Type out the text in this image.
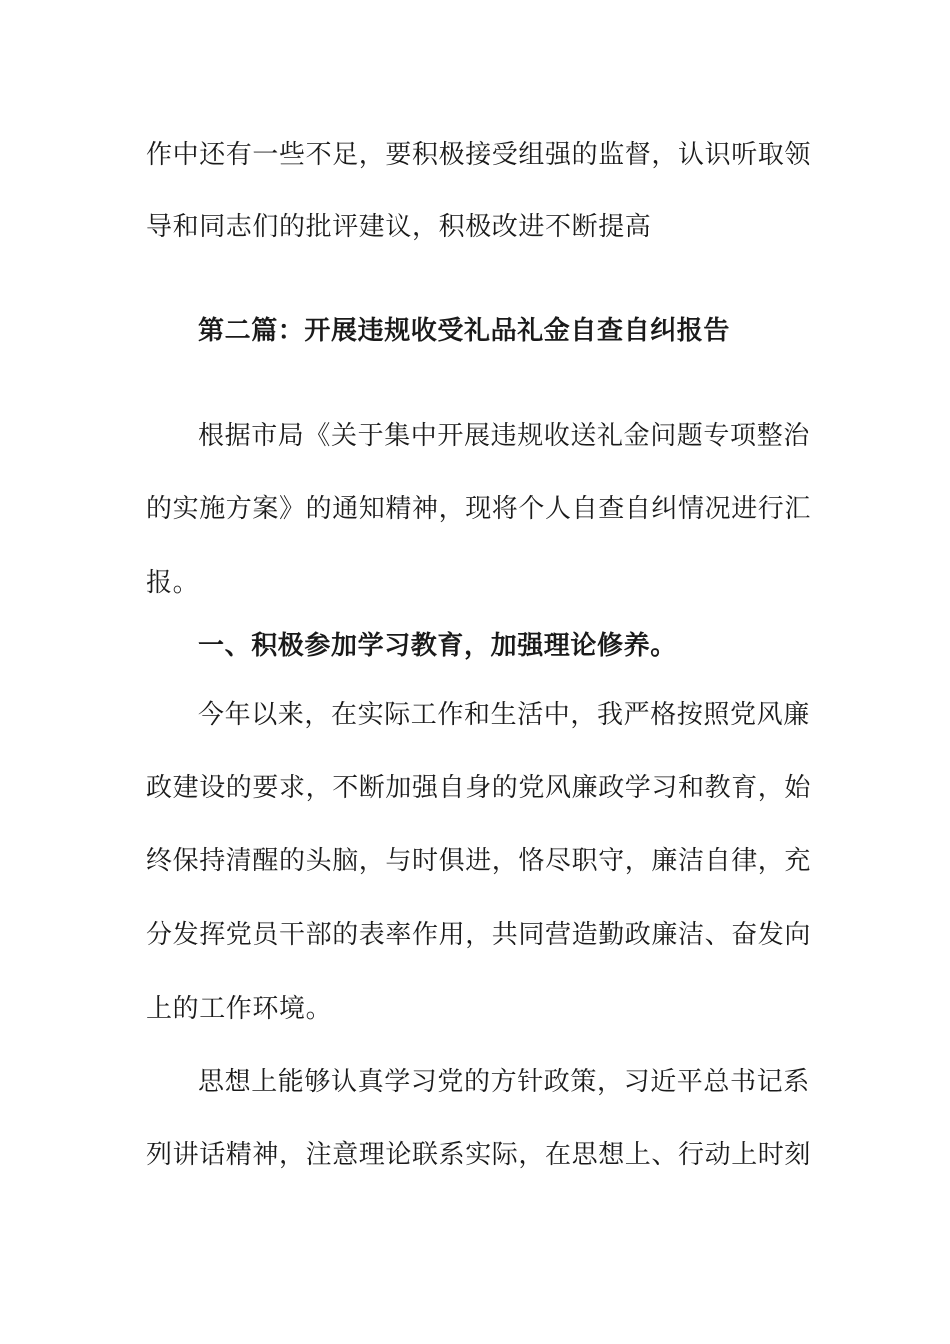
作中还有一些不足，要积极接受组强的监督，认识听取领
导和同志们的批评建议，积极改进不断提高
第二篇：开展违规收受礼品礼金自查自纠报告
根据市局《关于集中开展违规收送礼金问题专项整治
的实施方案》的通知精神，现将个人自查自纠情况进行汇
报。
一、积极参加学习教育，加强理论修养。
今年以来，在实际工作和生活中，我严格按照党风廉
政建设的要求，不断加强自身的党风廉政学习和教育，始
终保持清醒的头脑，与时俱进，恪尽职守，廉洁自律，充
分发挥党员干部的表率作用，共同营造勤政廉洁、奋发向
上的工作环境。
思想上能够认真学习党的方针政策，习近平总书记系
列讲话精神，注意理论联系实际，在思想上、行动上时刻
